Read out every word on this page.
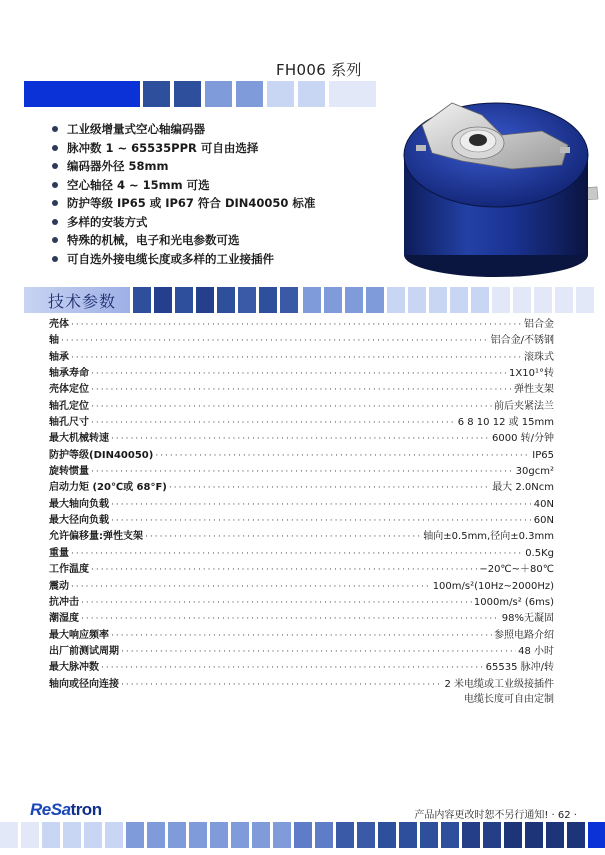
FH006 系列
工业级增量式空心轴编码器
脉冲数 1 ~ 65535PPR 可自由选择
编码器外径 58mm
空心轴径 4 ~ 15mm 可选
防护等级 IP65 或 IP67 符合 DIN40050 标准
多样的安装方式
特殊的机械，电子和光电参数可选
可自选外接电缆长度或多样的工业接插件
技术参数
壳体 ·····	铝合金
轴 ·····	铝合金/不锈钢
轴承 ·····	滚珠式
轴承寿命 ·····	1X10¹°转
壳体定位 ·····	弹性支架
轴孔定位 ·····	前后夹紧法兰
轴孔尺寸 ·····	6 8 10 12 或 15mm
最大机械转速 ·····	6000 转/分钟
防护等级(DIN40050) ·····	IP65
旋转惯量 ·····	30gcm²
启动力矩 (20℃或 68°F) ·····	最大 2.0Ncm
最大轴向负载 ·····	40N
最大径向负载 ·····	60N
允许偏移量:弹性支架 ·····	轴向±0.5mm,径向±0.3mm
重量 ·····	0.5Kg
工作温度 ·····	−20℃~＋80℃
震动 ·····	100m/s²(10Hz~2000Hz)
抗冲击 ·····	1000m/s² (6ms)
潮湿度 ·····	98%无凝固
最大响应频率 ·····	参照电路介绍
出厂前测试周期 ·····	48 小时
最大脉冲数 ·····	65535 脉冲/转
轴向或径向连接 ·····	2 米电缆或工业级接插件
电缆长度可自由定制
ReSatron	产品内容更改时恕不另行通知! · 62 ·
